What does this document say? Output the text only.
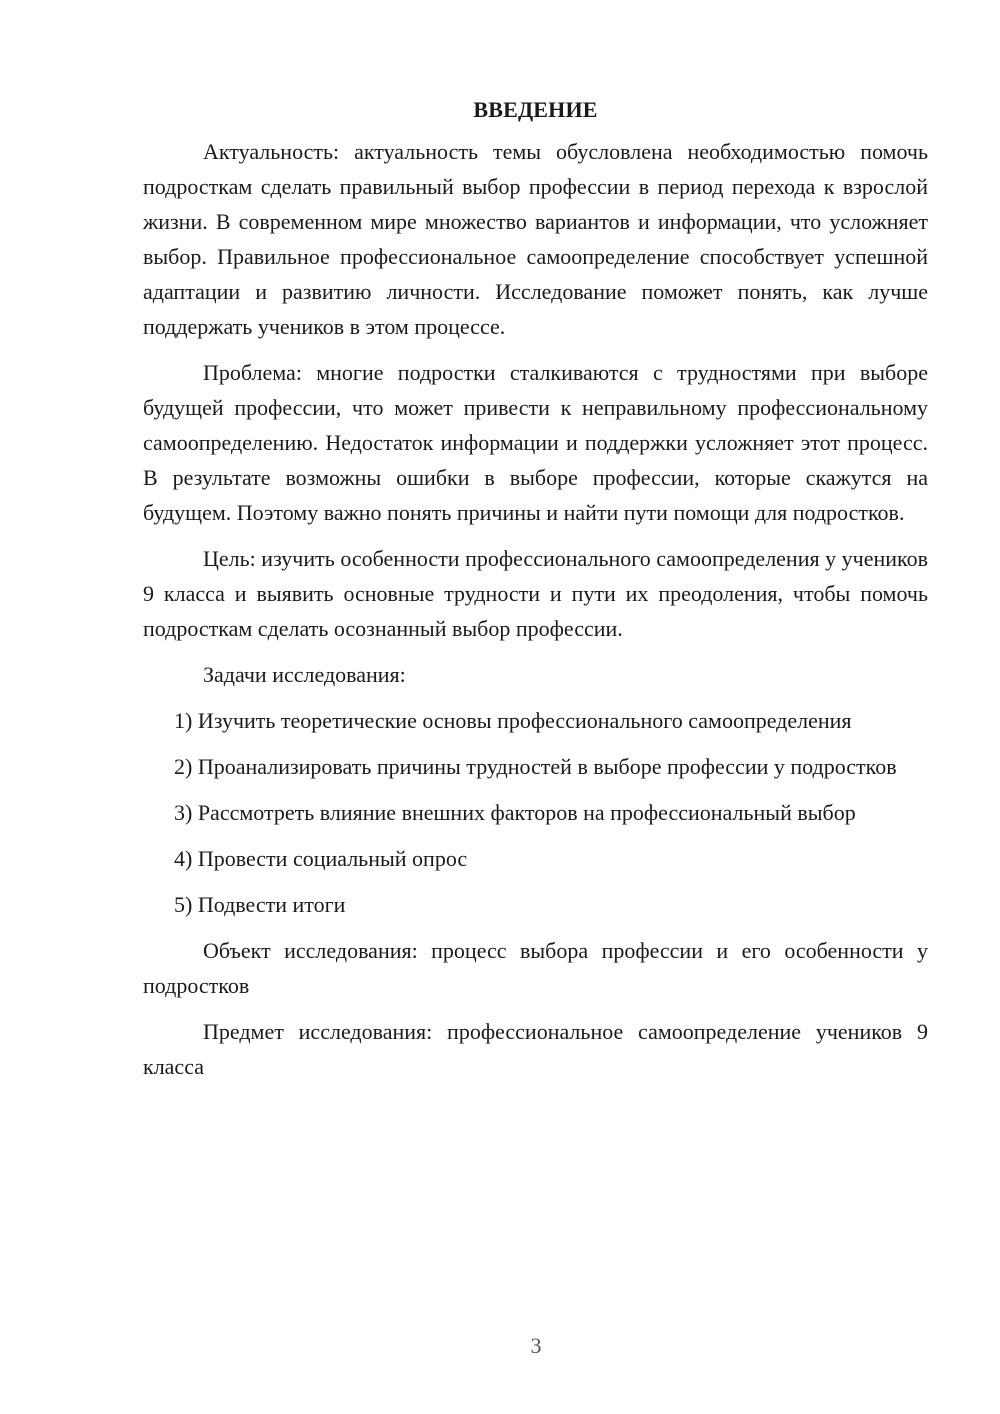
ВВЕДЕНИЕ

Актуальность: актуальность темы обусловлена необходимостью помочь подросткам сделать правильный выбор профессии в период перехода к взрослой жизни. В современном мире множество вариантов и информации, что усложняет выбор. Правильное профессиональное самоопределение способствует успешной адаптации и развитию личности. Исследование поможет понять, как лучше поддержать учеников в этом процессе.

Проблема: многие подростки сталкиваются с трудностями при выборе будущей профессии, что может привести к неправильному профессиональному самоопределению. Недостаток информации и поддержки усложняет этот процесс. В результате возможны ошибки в выборе профессии, которые скажутся на будущем. Поэтому важно понять причины и найти пути помощи для подростков.

Цель: изучить особенности профессионального самоопределения у учеников 9 класса и выявить основные трудности и пути их преодоления, чтобы помочь подросткам сделать осознанный выбор профессии.

Задачи исследования:

1) Изучить теоретические основы профессионального самоопределения

2) Проанализировать причины трудностей в выборе профессии у подростков

3) Рассмотреть влияние внешних факторов на профессиональный выбор

4) Провести социальный опрос

5) Подвести итоги

Объект исследования: процесс выбора профессии и его особенности у подростков

Предмет исследования: профессиональное самоопределение учеников 9 класса

3
